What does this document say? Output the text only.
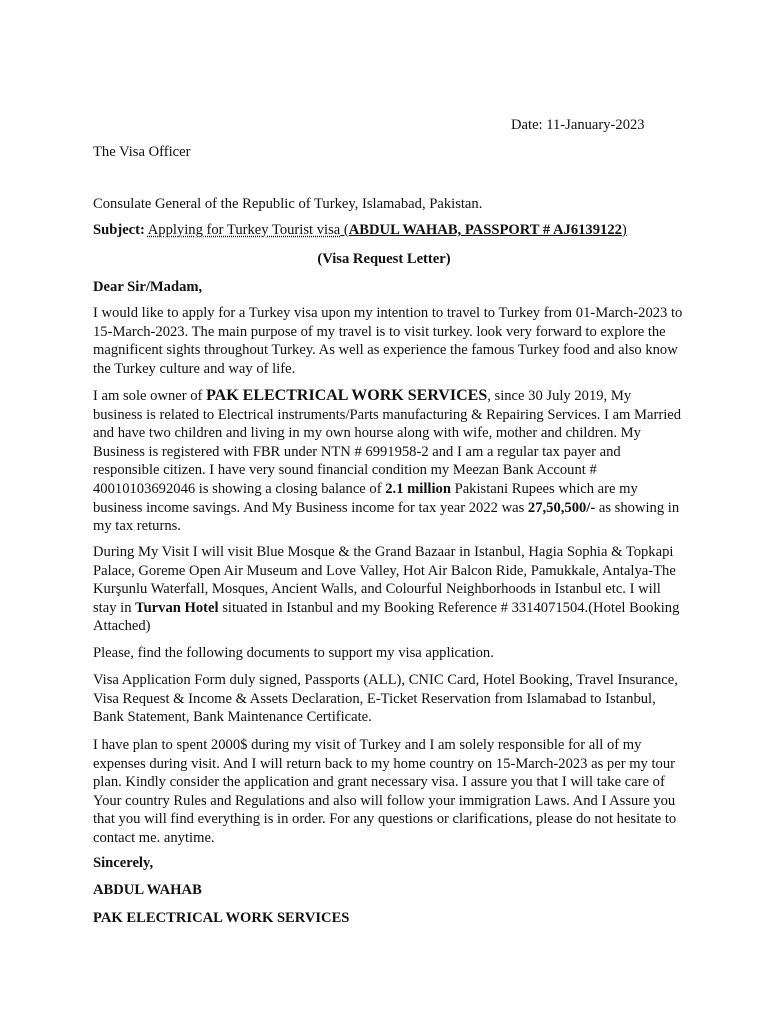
Date: 11-January-2023
The Visa Officer
Consulate General of the Republic of Turkey, Islamabad, Pakistan.
Subject: Applying for Turkey Tourist visa (ABDUL WAHAB, PASSPORT # AJ6139122)
(Visa Request Letter)
Dear Sir/Madam,

I would like to apply for a Turkey visa upon my intention to travel to Turkey from 01-March-2023 to 15-March-2023. The main purpose of my travel is to visit turkey. look very forward to explore the magnificent sights throughout Turkey. As well as experience the famous Turkey food and also know the Turkey culture and way of life.

I am sole owner of PAK ELECTRICAL WORK SERVICES, since 30 July 2019, My business is related to Electrical instruments/Parts manufacturing & Repairing Services. I am Married and have two children and living in my own hourse along with wife, mother and children. My Business is registered with FBR under NTN # 6991958-2 and I am a regular tax payer and responsible citizen. I have very sound financial condition my Meezan Bank Account # 40010103692046 is showing a closing balance of 2.1 million Pakistani Rupees which are my business income savings. And My Business income for tax year 2022 was 27,50,500/- as showing in my tax returns.

During My Visit I will visit Blue Mosque & the Grand Bazaar in Istanbul, Hagia Sophia & Topkapi Palace, Goreme Open Air Museum and Love Valley, Hot Air Balcon Ride, Pamukkale, Antalya-The Kurşunlu Waterfall, Mosques, Ancient Walls, and Colourful Neighborhoods in Istanbul etc. I will stay in Turvan Hotel situated in Istanbul and my Booking Reference # 3314071504.(Hotel Booking Attached)

Please, find the following documents to support my visa application.

Visa Application Form duly signed, Passports (ALL), CNIC Card, Hotel Booking, Travel Insurance, Visa Request & Income & Assets Declaration, E-Ticket Reservation from Islamabad to Istanbul, Bank Statement, Bank Maintenance Certificate.

I have plan to spent 2000$ during my visit of Turkey and I am solely responsible for all of my expenses during visit. And I will return back to my home country on 15-March-2023 as per my tour plan. Kindly consider the application and grant necessary visa. I assure you that I will take care of Your country Rules and Regulations and also will follow your immigration Laws. And I Assure you that you will find everything is in order. For any questions or clarifications, please do not hesitate to contact me. anytime.

Sincerely,
ABDUL WAHAB
PAK ELECTRICAL WORK SERVICES
